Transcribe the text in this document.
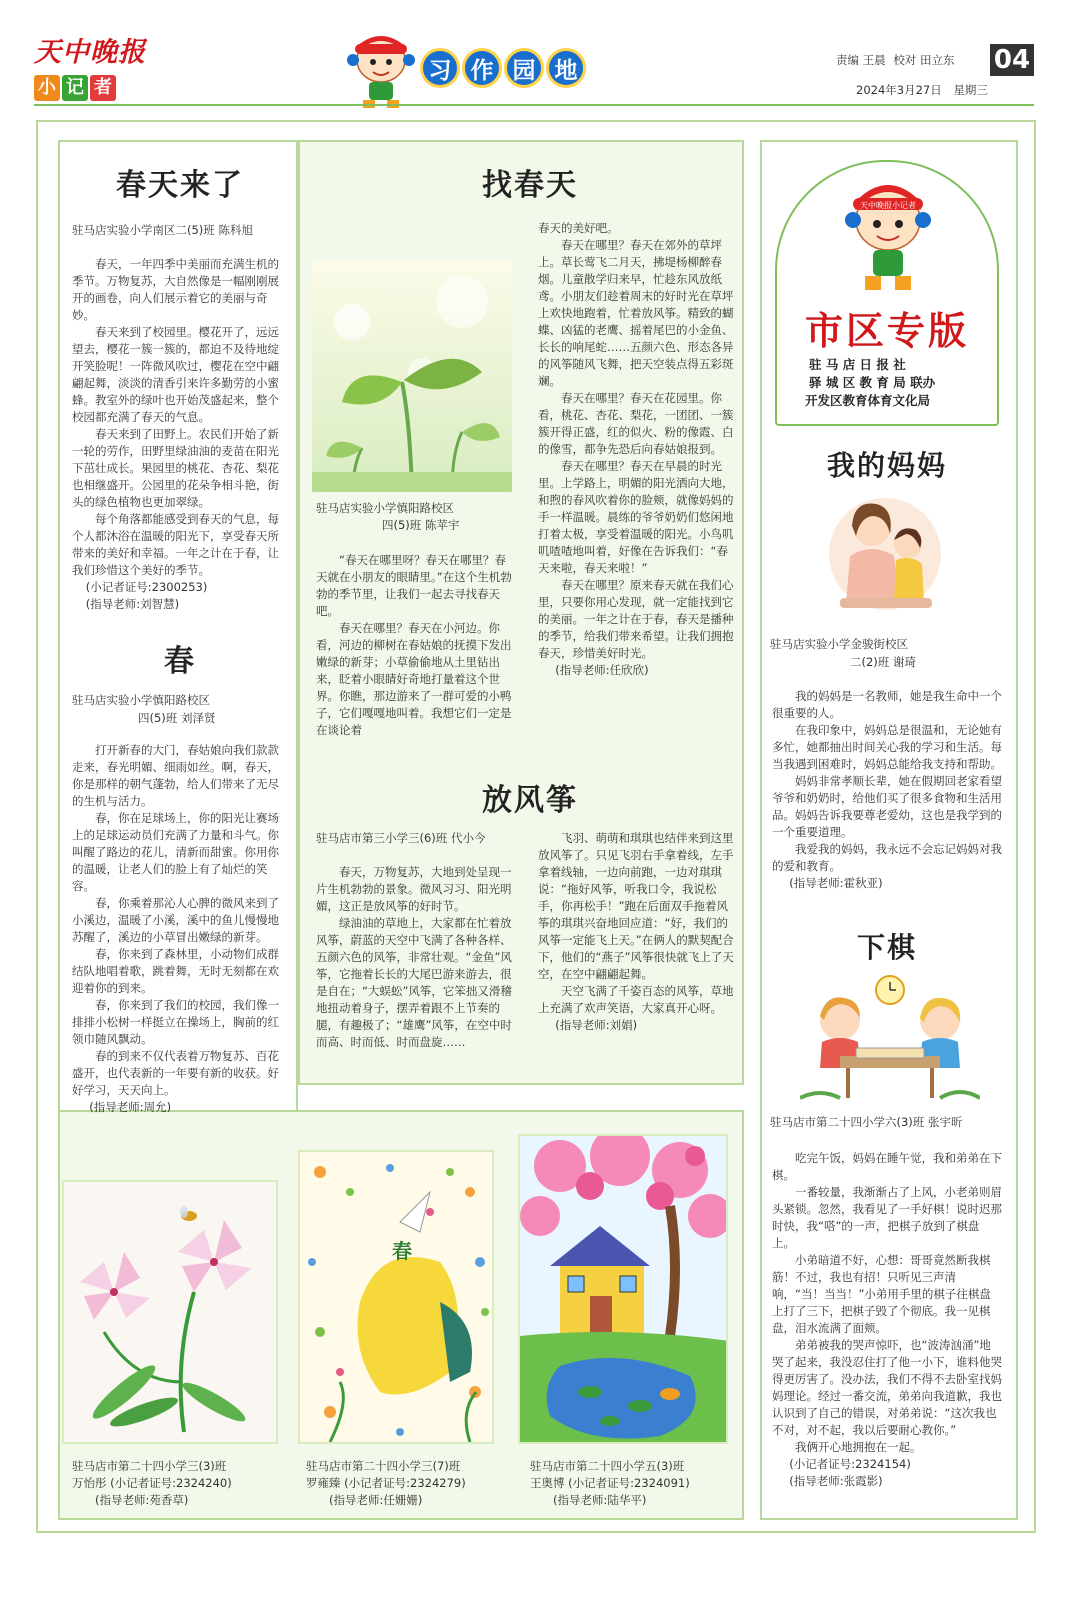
天中晚报
小 记 者
习 作 园 地	责编 王晨 校对 田立东	04
2024年3月27日 星期三
春天来了
驻马店实验小学南区二(5)班 陈科旭

春天，一年四季中美丽而充满生机的季节。万物复苏，大自然像是一幅刚刚展开的画卷，向人们展示着它的美丽与奇妙。

春天来到了校园里。樱花开了，远远望去，樱花一簇一簇的，都迫不及待地绽开笑脸呢！一阵微风吹过，樱花在空中翩翩起舞，淡淡的清香引来许多勤劳的小蜜蜂。教室外的绿叶也开始茂盛起来，整个校园都充满了春天的气息。

春天来到了田野上。农民们开始了新一轮的劳作，田野里绿油油的麦苗在阳光下茁壮成长。果园里的桃花、杏花、梨花也相继盛开。公园里的花朵争相斗艳，街头的绿色植物也更加翠绿。

每个角落都能感受到春天的气息，每个人都沐浴在温暖的阳光下，享受春天所带来的美好和幸福。一年之计在于春，让我们珍惜这个美好的季节。

(小记者证号:2300253)
(指导老师:刘智慧)
春
驻马店实验小学慎阳路校区
四(5)班 刘泽贤

打开新春的大门，春姑娘向我们款款走来，春光明媚、细雨如丝。啊，春天，你是那样的朝气蓬勃，给人们带来了无尽的生机与活力。

春，你在足球场上，你的阳光让赛场上的足球运动员们充满了力量和斗气。你叫醒了路边的花儿，清新而甜蜜。你用你的温暖，让老人们的脸上有了灿烂的笑容。

春，你乘着那沁人心脾的微风来到了小溪边，温暖了小溪，溪中的鱼儿慢慢地苏醒了，溪边的小草冒出嫩绿的新芽。

春，你来到了森林里，小动物们成群结队地唱着歌，跳着舞，无时无刻都在欢迎着你的到来。

春，你来到了我们的校园，我们像一排排小松树一样挺立在操场上，胸前的红领巾随风飘动。

春的到来不仅代表着万物复苏、百花盛开，也代表新的一年要有新的收获。好好学习，天天向上。

(指导老师:周允)
找春天
驻马店实验小学慎阳路校区
四(5)班 陈苹宇

“春天在哪里呀？春天在哪里？春天就在小朋友的眼睛里。”在这个生机勃勃的季节里，让我们一起去寻找春天吧。

春天在哪里？春天在小河边。你看，河边的柳树在春姑娘的抚摸下发出嫩绿的新芽；小草偷偷地从土里钻出来，眨着小眼睛好奇地打量着这个世界。你瞧，那边游来了一群可爱的小鸭子，它们嘎嘎地叫着。我想它们一定是在谈论着

春天的美好吧。

春天在哪里？春天在郊外的草坪上。草长莺飞二月天，拂堤杨柳醉春烟。儿童散学归来早，忙趁东风放纸鸢。小朋友们趁着周末的好时光在草坪上欢快地跑着，忙着放风筝。精致的蝴蝶、凶猛的老鹰、摇着尾巴的小金鱼、长长的响尾蛇……五颜六色、形态各异的风筝随风飞舞，把天空装点得五彩斑斓。

春天在哪里？春天在花园里。你看，桃花、杏花、梨花，一团团、一簇簇开得正盛，红的似火、粉的像霞、白的像雪，都争先恐后向春姑娘报到。

春天在哪里？春天在早晨的时光里。上学路上，明媚的阳光洒向大地，和煦的春风吹着你的脸颊，就像妈妈的手一样温暖。晨练的爷爷奶奶们悠闲地打着太极，享受着温暖的阳光。小鸟叽叽喳喳地叫着，好像在告诉我们：“春天来啦，春天来啦！”

春天在哪里？原来春天就在我们心里，只要你用心发现，就一定能找到它的美丽。一年之计在于春，春天是播种的季节，给我们带来希望。让我们拥抱春天，珍惜美好时光。

(指导老师:任欣欣)
放风筝
驻马店市第三小学三(6)班 代小今

春天，万物复苏，大地到处呈现一片生机勃勃的景象。微风习习、阳光明媚，这正是放风筝的好时节。

绿油油的草地上，大家都在忙着放风筝，蔚蓝的天空中飞满了各种各样、五颜六色的风筝，非常壮观。“金鱼”风筝，它拖着长长的大尾巴游来游去，很是自在；“大蜈蚣”风筝，它笨拙又滑稽地扭动着身子，摆弄着跟不上节奏的腿，有趣极了；“雄鹰”风筝，在空中时而高、时而低、时而盘旋……

飞羽、萌萌和琪琪也结伴来到这里放风筝了。只见飞羽右手拿着线，左手拿着线轴，一边向前跑，一边对琪琪说：“拖好风筝，听我口令，我说松手，你再松手！”跑在后面双手拖着风筝的琪琪兴奋地回应道：“好，我们的风筝一定能飞上天。”在俩人的默契配合下，他们的“燕子”风筝很快就飞上了天空，在空中翩翩起舞。

天空飞满了千姿百态的风筝，草地上充满了欢声笑语，大家真开心呀。

(指导老师:刘娟)
天中晚报小记者
市区专版
驻 马 店 日 报 社
驿 城 区 教 育 局 联办
开发区教育体育文化局
我的妈妈
驻马店实验小学金骏街校区
二(2)班 谢琦

我的妈妈是一名教师，她是我生命中一个很重要的人。

在我印象中，妈妈总是很温和，无论她有多忙，她都抽出时间关心我的学习和生活。每当我遇到困难时，妈妈总能给我支持和帮助。

妈妈非常孝顺长辈，她在假期回老家看望爷爷和奶奶时，给他们买了很多食物和生活用品。妈妈告诉我要尊老爱幼，这也是我学到的一个重要道理。

我爱我的妈妈，我永远不会忘记妈妈对我的爱和教育。

(指导老师:霍秋亚)
下棋
驻马店市第二十四小学六(3)班 张宇昕

吃完午饭，妈妈在睡午觉，我和弟弟在下棋。

一番较量，我渐渐占了上风，小老弟则眉头紧锁。忽然，我看见了一手好棋！说时迟那时快，我“嗒”的一声，把棋子放到了棋盘上。

小弟暗道不好，心想：哥哥竟然断我棋筋！不过，我也有招！只听见三声清响，“当！当当！”小弟用手里的棋子往棋盘上打了三下，把棋子毁了个彻底。我一见棋盘，泪水流满了面颊。

弟弟被我的哭声惊吓，也“波涛汹涌”地哭了起来，我没忍住打了他一小下，谁料他哭得更厉害了。没办法，我们不得不去卧室找妈妈理论。经过一番交流，弟弟向我道歉，我也认识到了自己的错误，对弟弟说：“这次我也不对，对不起，我以后要耐心教你。”

我俩开心地拥抱在一起。

(小记者证号:2324154)
(指导老师:张霞影)
驻马店市第二十四小学三(3)班
万怡彤 (小记者证号:2324240)
(指导老师:苑香草)
春
驻马店市第二十四小学三(7)班
罗雍臻 (小记者证号:2324279)
(指导老师:任姗姗)
驻马店市第二十四小学五(3)班
王奥博 (小记者证号:2324091)
(指导老师:陆华平)
